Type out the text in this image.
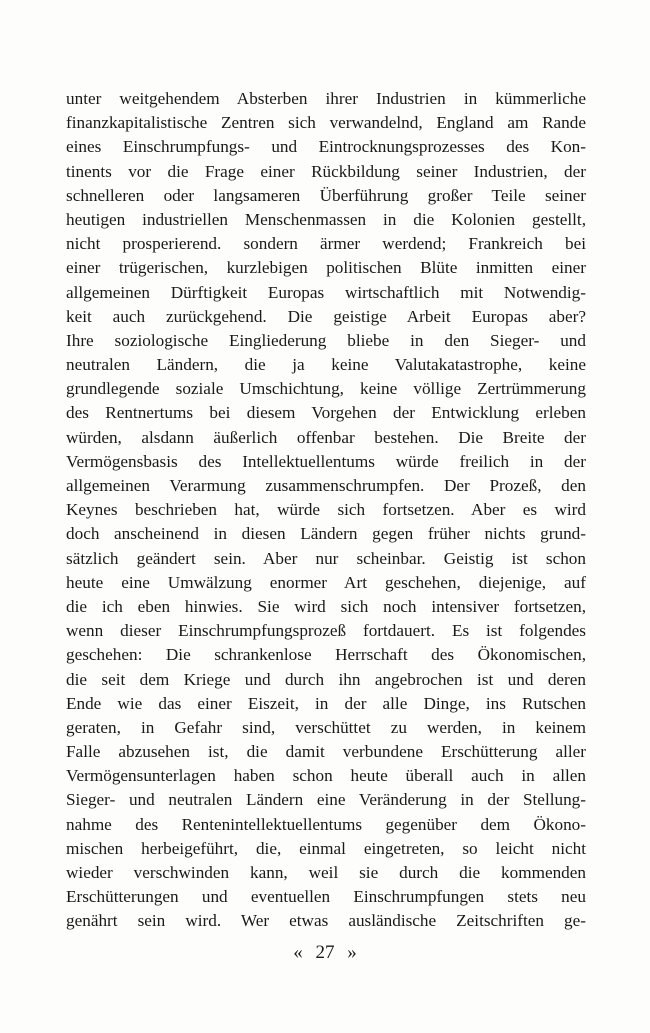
unter weitgehendem Absterben ihrer Industrien in kümmerliche
finanzkapitalistische Zentren sich verwandelnd, England am Rande
eines Einschrumpfungs- und Eintrocknungsprozesses des Kon-
tinents vor die Frage einer Rückbildung seiner Industrien, der
schnelleren oder langsameren Überführung großer Teile seiner
heutigen industriellen Menschenmassen in die Kolonien gestellt,
nicht prosperierend. sondern ärmer werdend; Frankreich bei
einer trügerischen, kurzlebigen politischen Blüte inmitten einer
allgemeinen Dürftigkeit Europas wirtschaftlich mit Notwendig-
keit auch zurückgehend. Die geistige Arbeit Europas aber?
Ihre soziologische Eingliederung bliebe in den Sieger- und
neutralen Ländern, die ja keine Valutakatastrophe, keine
grundlegende soziale Umschichtung, keine völlige Zertrümmerung
des Rentnertums bei diesem Vorgehen der Entwicklung erleben
würden, alsdann äußerlich offenbar bestehen. Die Breite der
Vermögensbasis des Intellektuellentums würde freilich in der
allgemeinen Verarmung zusammenschrumpfen. Der Prozeß, den
Keynes beschrieben hat, würde sich fortsetzen. Aber es wird
doch anscheinend in diesen Ländern gegen früher nichts grund-
sätzlich geändert sein. Aber nur scheinbar. Geistig ist schon
heute eine Umwälzung enormer Art geschehen, diejenige, auf
die ich eben hinwies. Sie wird sich noch intensiver fortsetzen,
wenn dieser Einschrumpfungsprozeß fortdauert. Es ist folgendes
geschehen: Die schrankenlose Herrschaft des Ökonomischen,
die seit dem Kriege und durch ihn angebrochen ist und deren
Ende wie das einer Eiszeit, in der alle Dinge, ins Rutschen
geraten, in Gefahr sind, verschüttet zu werden, in keinem
Falle abzusehen ist, die damit verbundene Erschütterung aller
Vermögensunterlagen haben schon heute überall auch in allen
Sieger- und neutralen Ländern eine Veränderung in der Stellung-
nahme des Rentenintellektuellentums gegenüber dem Ökono-
mischen herbeigeführt, die, einmal eingetreten, so leicht nicht
wieder verschwinden kann, weil sie durch die kommenden
Erschütterungen und eventuellen Einschrumpfungen stets neu
genährt sein wird. Wer etwas ausländische Zeitschriften ge-
« 27 »
